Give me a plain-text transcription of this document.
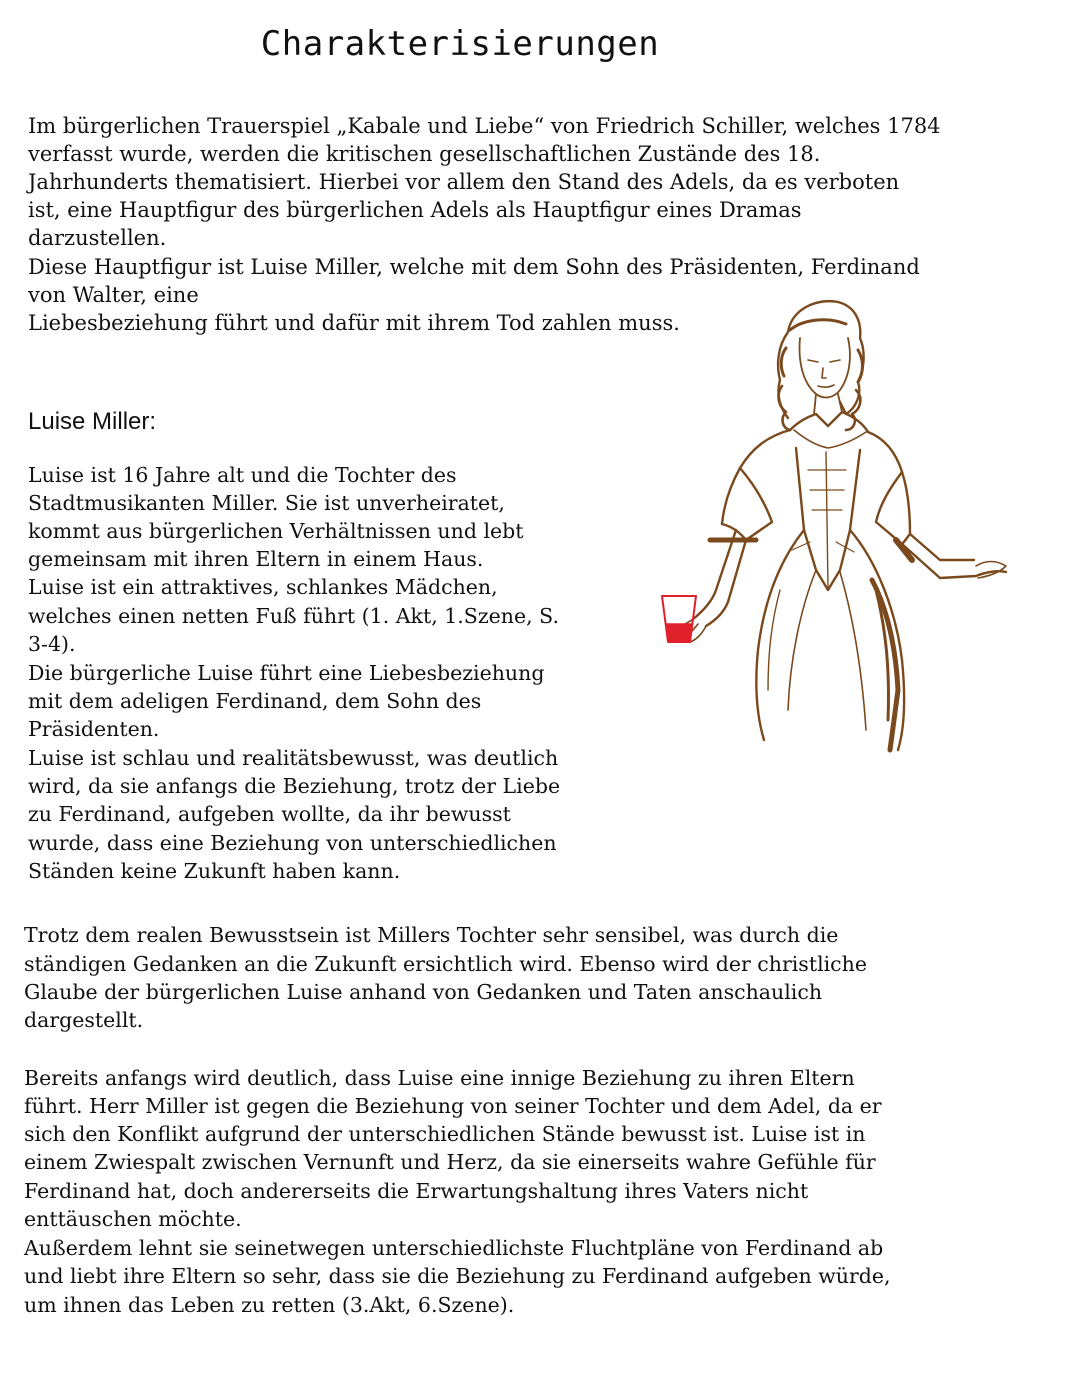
Charakterisierungen
Im bürgerlichen Trauerspiel „Kabale und Liebe“ von Friedrich Schiller, welches 1784
verfasst wurde, werden die kritischen gesellschaftlichen Zustände des 18.
Jahrhunderts thematisiert. Hierbei vor allem den Stand des Adels, da es verboten
ist, eine Hauptfigur des bürgerlichen Adels als Hauptfigur eines Dramas
darzustellen.
Diese Hauptfigur ist Luise Miller, welche mit dem Sohn des Präsidenten, Ferdinand
von Walter, eine
Liebesbeziehung führt und dafür mit ihrem Tod zahlen muss.
Luise Miller:
Luise ist 16 Jahre alt und die Tochter des
Stadtmusikanten Miller. Sie ist unverheiratet,
kommt aus bürgerlichen Verhältnissen und lebt
gemeinsam mit ihren Eltern in einem Haus.
Luise ist ein attraktives, schlankes Mädchen,
welches einen netten Fuß führt (1. Akt, 1.Szene, S.
3-4).
Die bürgerliche Luise führt eine Liebesbeziehung
mit dem adeligen Ferdinand, dem Sohn des
Präsidenten.
Luise ist schlau und realitätsbewusst, was deutlich
wird, da sie anfangs die Beziehung, trotz der Liebe
zu Ferdinand, aufgeben wollte, da ihr bewusst
wurde, dass eine Beziehung von unterschiedlichen
Ständen keine Zukunft haben kann.
Trotz dem realen Bewusstsein ist Millers Tochter sehr sensibel, was durch die
ständigen Gedanken an die Zukunft ersichtlich wird. Ebenso wird der christliche
Glaube der bürgerlichen Luise anhand von Gedanken und Taten anschaulich
dargestellt.
Bereits anfangs wird deutlich, dass Luise eine innige Beziehung zu ihren Eltern
führt. Herr Miller ist gegen die Beziehung von seiner Tochter und dem Adel, da er
sich den Konflikt aufgrund der unterschiedlichen Stände bewusst ist. Luise ist in
einem Zwiespalt zwischen Vernunft und Herz, da sie einerseits wahre Gefühle für
Ferdinand hat, doch andererseits die Erwartungshaltung ihres Vaters nicht
enttäuschen möchte.
Außerdem lehnt sie seinetwegen unterschiedlichste Fluchtpläne von Ferdinand ab
und liebt ihre Eltern so sehr, dass sie die Beziehung zu Ferdinand aufgeben würde,
um ihnen das Leben zu retten (3.Akt, 6.Szene).
